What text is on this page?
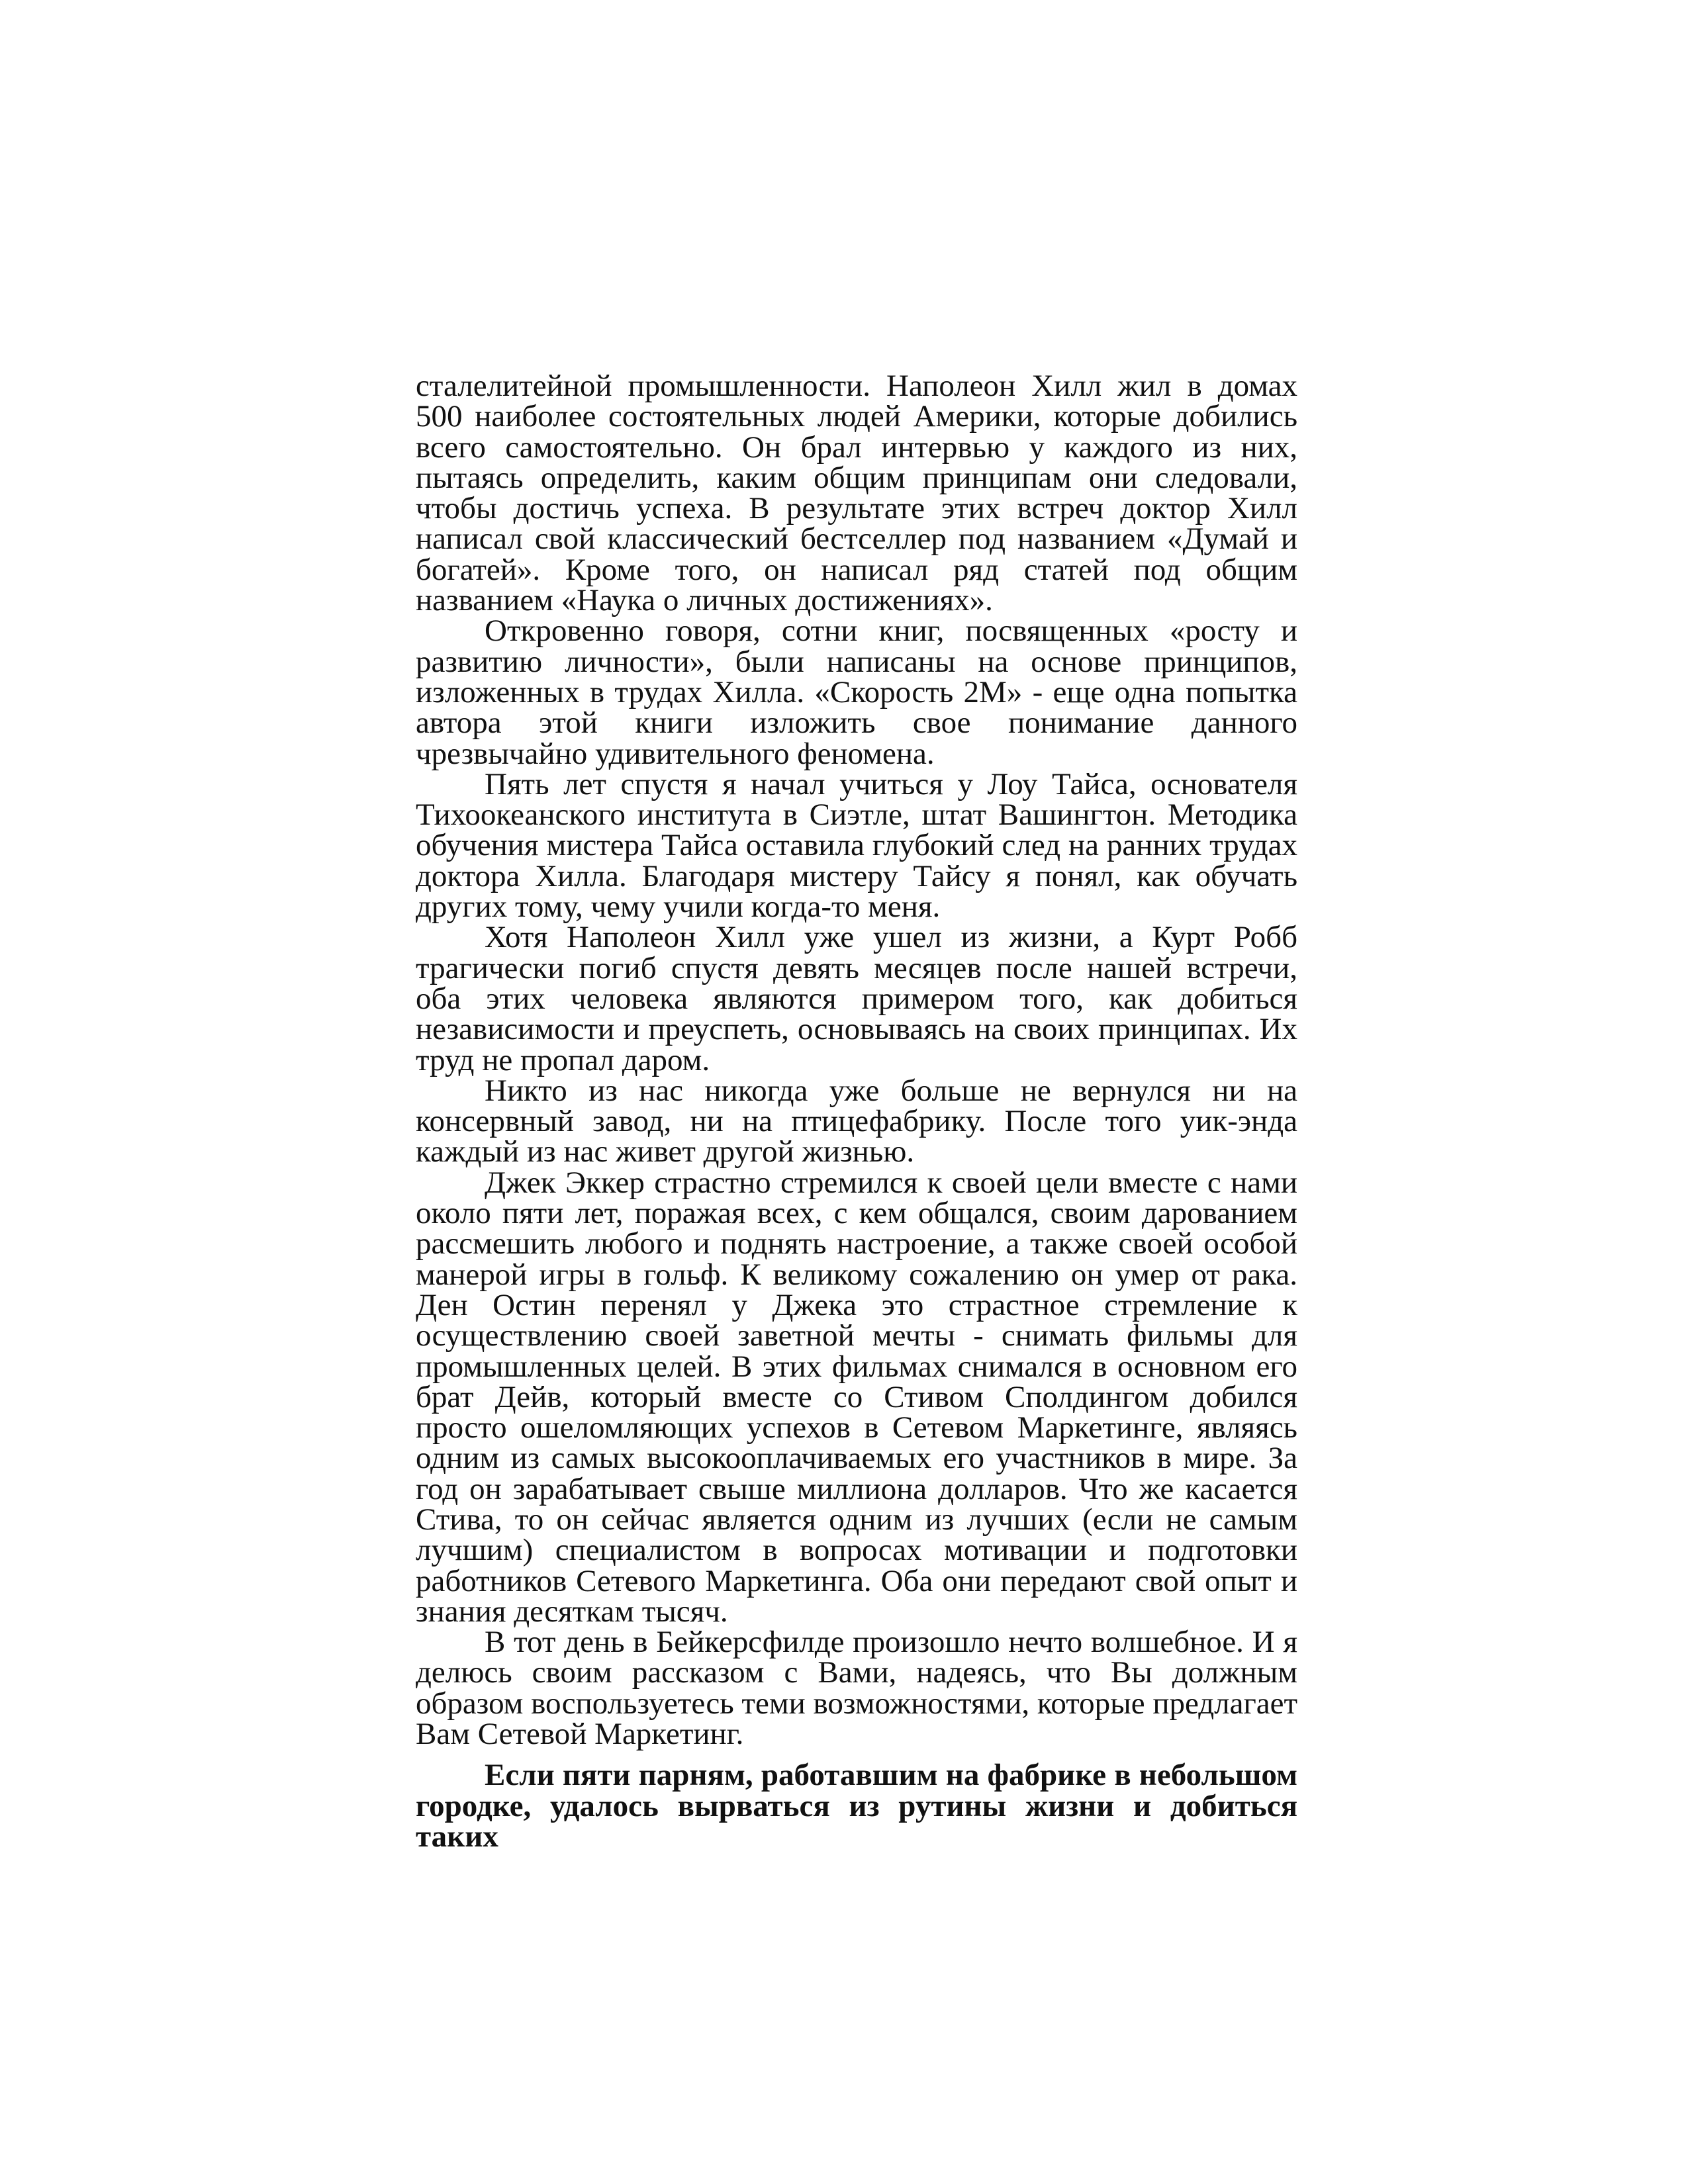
сталелитейной промышленности. Наполеон Хилл жил в домах 500 наиболее состоятельных людей Америки, которые добились всего самостоятельно. Он брал интервью у каждого из них, пытаясь определить, каким общим принципам они следовали, чтобы достичь успеха. В результате этих встреч доктор Хилл написал свой классический бестселлер под названием «Думай и богатей». Кроме того, он написал ряд статей под общим названием «Наука о личных достижениях».

Откровенно говоря, сотни книг, посвященных «росту и развитию личности», были написаны на основе принципов, изложенных в трудах Хилла. «Скорость 2М» - еще одна попытка автора этой книги изложить свое понимание данного чрезвычайно удивительного феномена.

Пять лет спустя я начал учиться у Лоу Тайса, основателя Тихоокеанского института в Сиэтле, штат Вашингтон. Методика обучения мистера Тайса оставила глубокий след на ранних трудах доктора Хилла. Благодаря мистеру Тайсу я понял, как обучать других тому, чему учили когда-то меня.

Хотя Наполеон Хилл уже ушел из жизни, а Курт Робб трагически погиб спустя девять месяцев после нашей встречи, оба этих человека являются примером того, как добиться независимости и преуспеть, основываясь на своих принципах. Их труд не пропал даром.

Никто из нас никогда уже больше не вернулся ни на консервный завод, ни на птицефабрику. После того уик-энда каждый из нас живет другой жизнью.

Джек Эккер страстно стремился к своей цели вместе с нами около пяти лет, поражая всех, с кем общался, своим дарованием рассмешить любого и поднять настроение, а также своей особой манерой игры в гольф. К великому сожалению он умер от рака. Ден Остин перенял у Джека это страстное стремление к осуществлению своей заветной мечты - снимать фильмы для промышленных целей. В этих фильмах снимался в основном его брат Дейв, который вместе со Стивом Сполдингом добился просто ошеломляющих успехов в Сетевом Маркетинге, являясь одним из самых высокооплачиваемых его участников в мире. За год он зарабатывает свыше миллиона долларов. Что же касается Стива, то он сейчас является одним из лучших (если не самым лучшим) специалистом в вопросах мотивации и подготовки работников Сетевого Маркетинга. Оба они передают свой опыт и знания десяткам тысяч.

В тот день в Бейкерсфилде произошло нечто волшебное. И я делюсь своим рассказом с Вами, надеясь, что Вы должным образом воспользуетесь теми возможностями, которые предлагает Вам Сетевой Маркетинг.

Если пяти парням, работавшим на фабрике в небольшом городке, удалось вырваться из рутины жизни и добиться таких
